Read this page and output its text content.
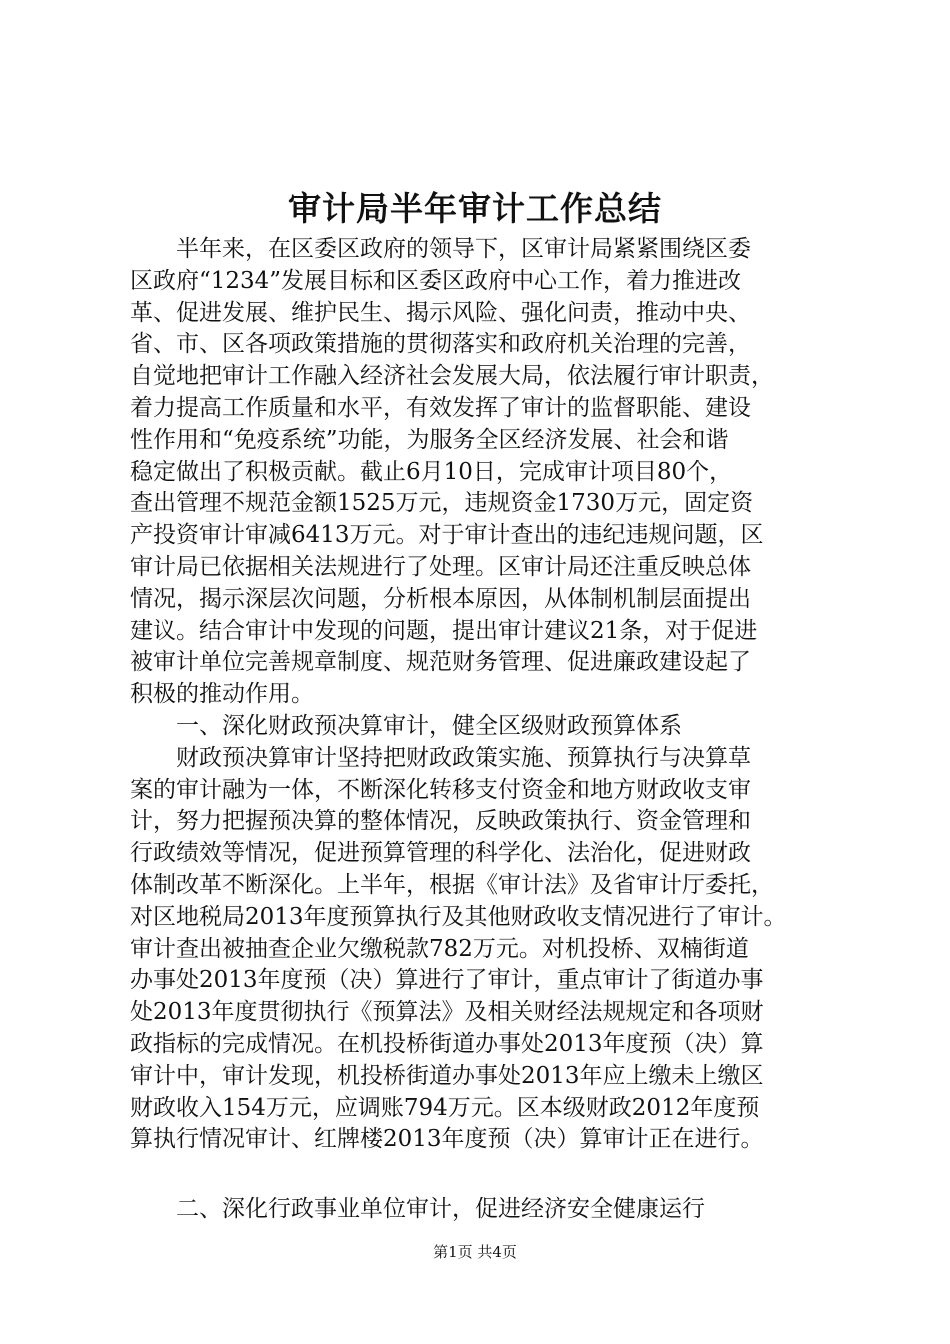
审计局半年审计工作总结
半年来，在区委区政府的领导下，区审计局紧紧围绕区委
区政府“1234”发展目标和区委区政府中心工作，着力推进改
革、促进发展、维护民生、揭示风险、强化问责，推动中央、
省、市、区各项政策措施的贯彻落实和政府机关治理的完善，
自觉地把审计工作融入经济社会发展大局，依法履行审计职责，
着力提高工作质量和水平，有效发挥了审计的监督职能、建设
性作用和“免疫系统”功能，为服务全区经济发展、社会和谐
稳定做出了积极贡献。截止6月10日，完成审计项目80个，
查出管理不规范金额1525万元，违规资金1730万元，固定资
产投资审计审减6413万元。对于审计查出的违纪违规问题，区
审计局已依据相关法规进行了处理。区审计局还注重反映总体
情况，揭示深层次问题，分析根本原因，从体制机制层面提出
建议。结合审计中发现的问题，提出审计建议21条，对于促进
被审计单位完善规章制度、规范财务管理、促进廉政建设起了
积极的推动作用。
一、深化财政预决算审计，健全区级财政预算体系
财政预决算审计坚持把财政政策实施、预算执行与决算草
案的审计融为一体，不断深化转移支付资金和地方财政收支审
计，努力把握预决算的整体情况，反映政策执行、资金管理和
行政绩效等情况，促进预算管理的科学化、法治化，促进财政
体制改革不断深化。上半年，根据《审计法》及省审计厅委托，
对区地税局2013年度预算执行及其他财政收支情况进行了审计。
审计查出被抽查企业欠缴税款782万元。对机投桥、双楠街道
办事处2013年度预（决）算进行了审计，重点审计了街道办事
处2013年度贯彻执行《预算法》及相关财经法规规定和各项财
政指标的完成情况。在机投桥街道办事处2013年度预（决）算
审计中，审计发现，机投桥街道办事处2013年应上缴未上缴区
财政收入154万元，应调账794万元。区本级财政2012年度预
算执行情况审计、红牌楼2013年度预（决）算审计正在进行。
二、深化行政事业单位审计，促进经济安全健康运行
第1页 共4页
